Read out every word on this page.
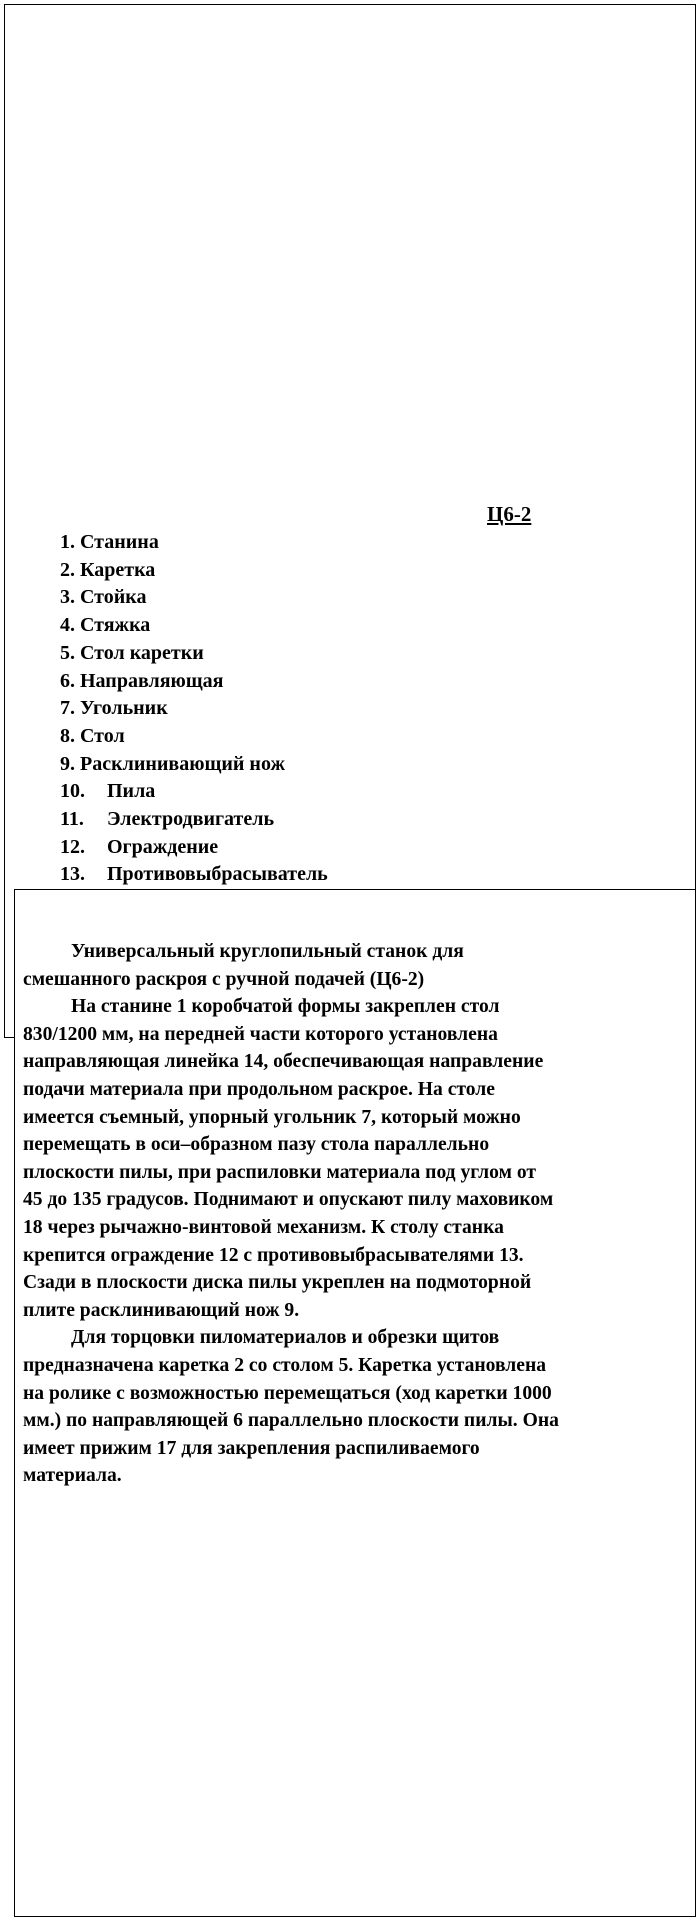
Ц6-2
1. Станина
2. Каретка
3. Стойка
4. Стяжка
5. Стол каретки
6. Направляющая
7. Угольник
8. Стол
9. Расклинивающий нож
10. Пила
11. Электродвигатель
12. Ограждение
13. Противовыбрасыватель

Универсальный круглопильный станок для
смешанного раскроя с ручной подачей (Ц6-2)

На станине 1 коробчатой формы закреплен стол
830/1200 мм, на передней части которого установлена
направляющая линейка 14, обеспечивающая направление
подачи материала при продольном раскрое. На столе
имеется съемный, упорный угольник 7, который можно
перемещать в оси–образном пазу стола параллельно
плоскости пилы, при распиловки материала под углом от
45 до 135 градусов. Поднимают и опускают пилу маховиком
18 через рычажно-винтовой механизм. К столу станка
крепится ограждение 12 с противовыбрасывателями 13.
Сзади в плоскости диска пилы укреплен на подмоторной
плите расклинивающий нож 9.

Для торцовки пиломатериалов и обрезки щитов
предназначена каретка 2 со столом 5. Каретка установлена
на ролике с возможностью перемещаться (ход каретки 1000
мм.) по направляющей 6 параллельно плоскости пилы. Она
имеет прижим 17 для закрепления распиливаемого
материала.
